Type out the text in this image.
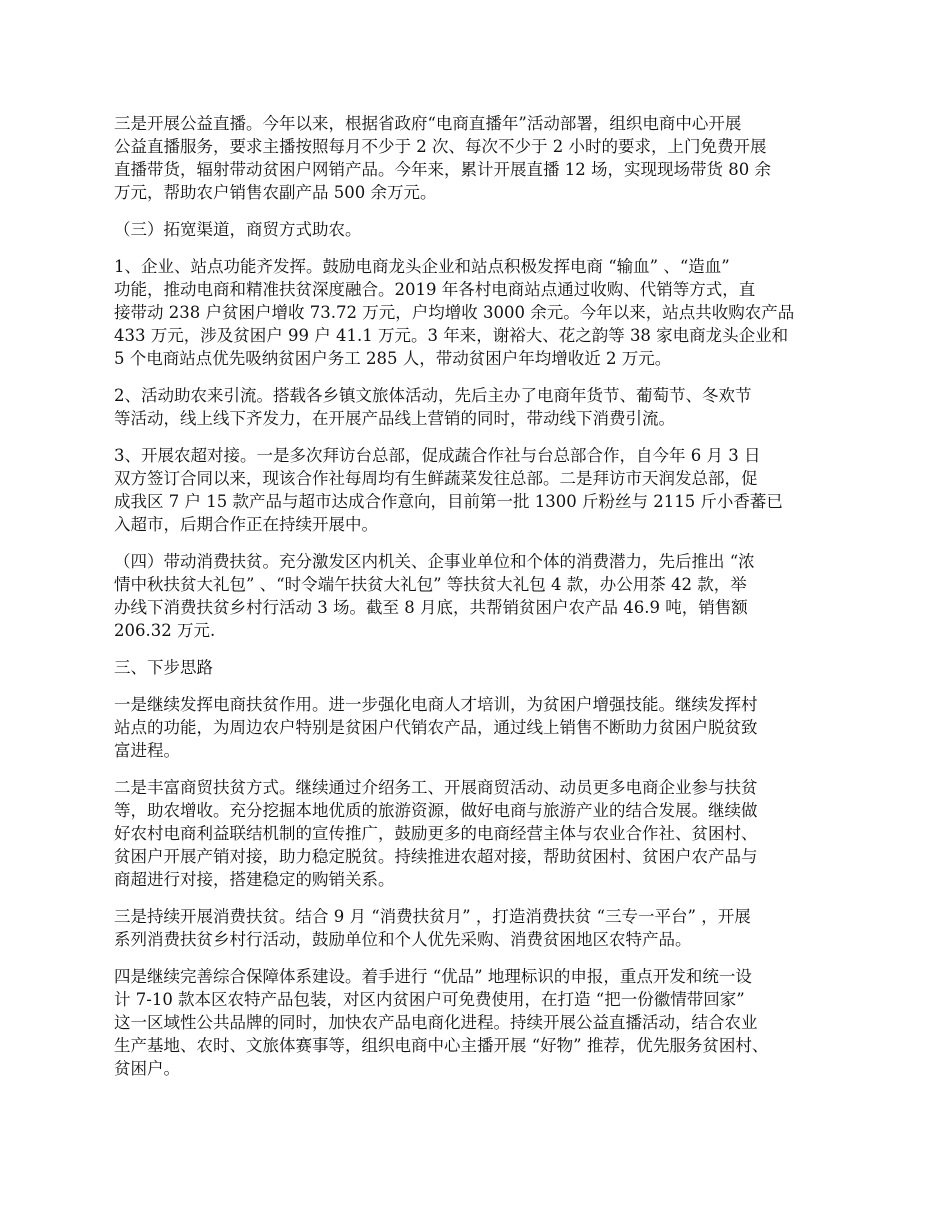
三是开展公益直播。今年以来，根据省政府“电商直播年”活动部署，组织电商中心开展
公益直播服务，要求主播按照每月不少于 2 次、每次不少于 2 小时的要求，上门免费开展
直播带货，辐射带动贫困户网销产品。今年来，累计开展直播 12 场，实现现场带货 80 余
万元，帮助农户销售农副产品 500 余万元。

（三）拓宽渠道，商贸方式助农。

1、企业、站点功能齐发挥。鼓励电商龙头企业和站点积极发挥电商 “输血” 、“造血”
功能，推动电商和精准扶贫深度融合。2019 年各村电商站点通过收购、代销等方式，直
接带动 238 户贫困户增收 73.72 万元，户均增收 3000 余元。今年以来，站点共收购农产品
433 万元，涉及贫困户 99 户 41.1 万元。3 年来，谢裕大、花之韵等 38 家电商龙头企业和
5 个电商站点优先吸纳贫困户务工 285 人，带动贫困户年均增收近 2 万元。

2、活动助农来引流。搭载各乡镇文旅体活动，先后主办了电商年货节、葡萄节、冬欢节
等活动，线上线下齐发力，在开展产品线上营销的同时，带动线下消费引流。

3、开展农超对接。一是多次拜访台总部，促成蔬合作社与台总部合作，自今年 6 月 3 日
双方签订合同以来，现该合作社每周均有生鲜蔬菜发往总部。二是拜访市天润发总部，促
成我区 7 户 15 款产品与超市达成合作意向，目前第一批 1300 斤粉丝与 2115 斤小香蕃已
入超市，后期合作正在持续开展中。

（四）带动消费扶贫。充分激发区内机关、企事业单位和个体的消费潜力，先后推出 “浓
情中秋扶贫大礼包” 、“时令端午扶贫大礼包” 等扶贫大礼包 4 款，办公用茶 42 款，举
办线下消费扶贫乡村行活动 3 场。截至 8 月底，共帮销贫困户农产品 46.9 吨，销售额
206.32 万元.

三、下步思路

一是继续发挥电商扶贫作用。进一步强化电商人才培训，为贫困户增强技能。继续发挥村
站点的功能，为周边农户特别是贫困户代销农产品，通过线上销售不断助力贫困户脱贫致
富进程。

二是丰富商贸扶贫方式。继续通过介绍务工、开展商贸活动、动员更多电商企业参与扶贫
等，助农增收。充分挖掘本地优质的旅游资源，做好电商与旅游产业的结合发展。继续做
好农村电商利益联结机制的宣传推广，鼓励更多的电商经营主体与农业合作社、贫困村、
贫困户开展产销对接，助力稳定脱贫。持续推进农超对接，帮助贫困村、贫困户农产品与
商超进行对接，搭建稳定的购销关系。

三是持续开展消费扶贫。结合 9 月 “消费扶贫月” ，打造消费扶贫 “三专一平台” ，开展
系列消费扶贫乡村行活动，鼓励单位和个人优先采购、消费贫困地区农特产品。

四是继续完善综合保障体系建设。着手进行 “优品” 地理标识的申报，重点开发和统一设
计 7-10 款本区农特产品包装，对区内贫困户可免费使用，在打造 “把一份徽情带回家”
这一区域性公共品牌的同时，加快农产品电商化进程。持续开展公益直播活动，结合农业
生产基地、农时、文旅体赛事等，组织电商中心主播开展 “好物” 推荐，优先服务贫困村、
贫困户。
